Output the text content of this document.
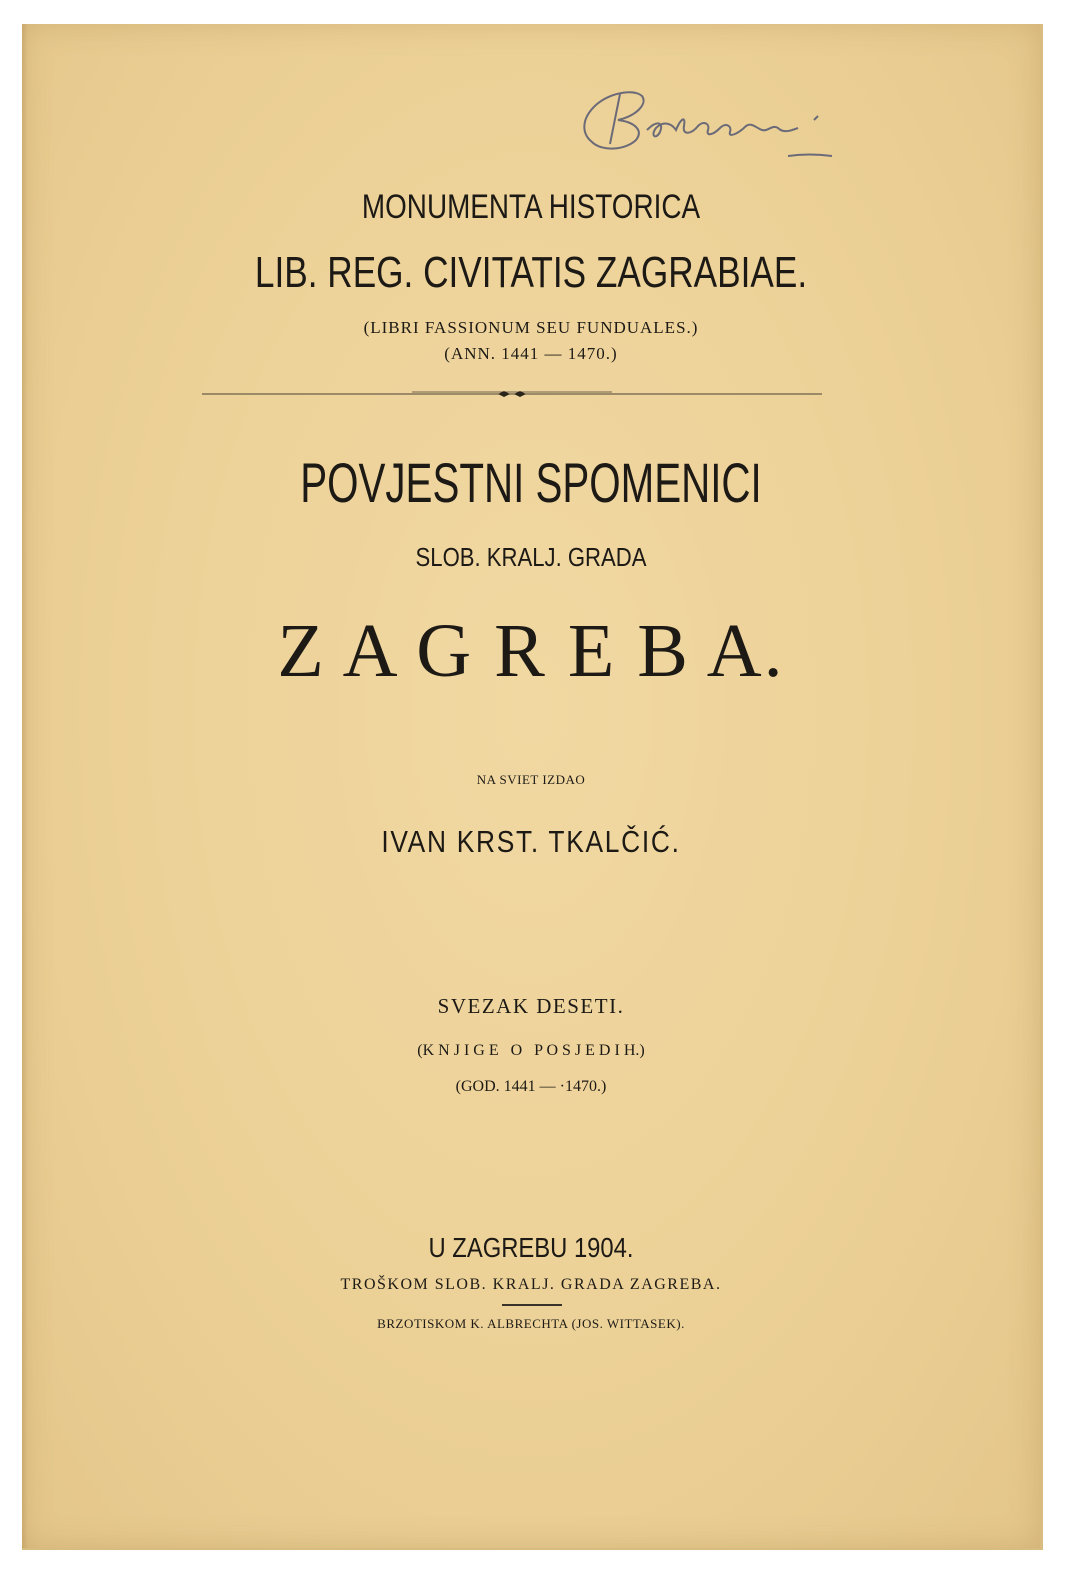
MONUMENTA HISTORICA
LIB. REG. CIVITATIS ZAGRABIAE.
(LIBRI FASSIONUM SEU FUNDUALES.)
(ANN. 1441 — 1470.)
POVJESTNI SPOMENICI
SLOB. KRALJ. GRADA
Z A G R E B A.
NA SVIET IZDAO
IVAN KRST. TKALČIĆ.
SVEZAK DESETI.
(K N J I G E   O   P O S J E D I H.)
(GOD. 1441 — ·1470.)
U ZAGREBU 1904.
TROŠKOM SLOB. KRALJ. GRADA ZAGREBA.
BRZOTISKOM K. ALBRECHTA (JOS. WITTASEK).
